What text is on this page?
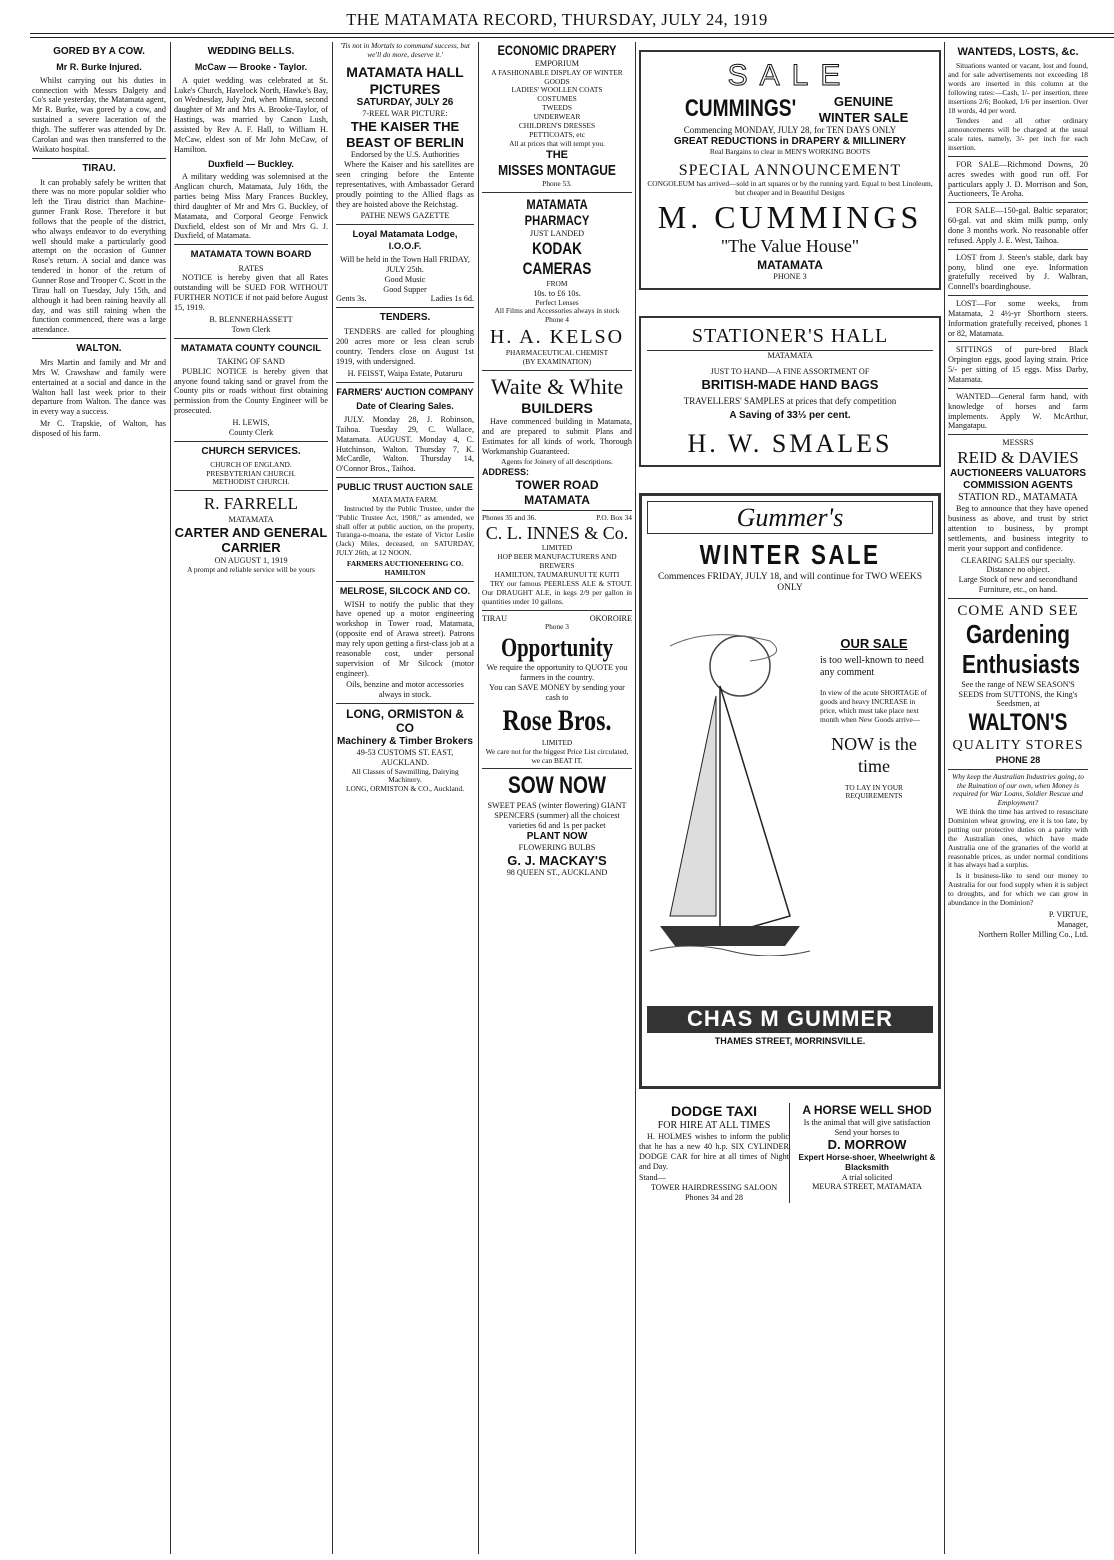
THE MATAMATA RECORD, THURSDAY, JULY 24, 1919
GORED BY A COW.
Mr R. Burke Injured.

Whilst carrying out his duties in connection with Messrs Dalgety and Co's sale yesterday, the Matamata agent, Mr R. Burke, was gored by a cow, and sustained a severe laceration of the thigh. The sufferer was attended by Dr. Carolan and was then transferred to the Waikato hospital.

TIRAU.

It can probably safely be written that there was no more popular soldier who left the Tirau district than Machine-gunner Frank Rose. Therefore it but follows that the people of the district, who always endeavor to do everything well should make a particularly good attempt on the occasion of Gunner Rose's return. A social and dance was tendered in honor of the return of Gunner Rose and Trooper C. Scott in the Tirau hall on Tuesday, July 15th, and although it had been raining heavily all day, and was still raining when the function commenced, there was a large attendance.

WALTON.

Mrs Martin and family and Mr and Mrs W. Crawshaw and family were entertained at a social and dance in the Walton hall last week prior to their departure from Walton. The dance was in every way a success.

Mr C. Trapskie, of Walton, has disposed of his farm.

WEDDING BELLS.
McCaw — Brooke - Taylor.

A quiet wedding was celebrated at St. Luke's Church, Havelock North, Hawke's Bay, on Wednesday, July 2nd, when Minna, second daughter of Mr and Mrs A. Brooke-Taylor, of Hastings, was married by Canon Lush, assisted by Rev A. F. Hall, to William H. McCaw, eldest son of Mr John McCaw, of Hamilton.

Duxfield — Buckley.

A military wedding was solemnised at the Anglican church, Matamata, July 16th, the parties being Miss Mary Frances Buckley, third daughter of Mr and Mrs G. Buckley, of Matamata, and Corporal George Fenwick Duxfield, eldest son of Mr and Mrs G. J. Duxfield, of Matamata.

MATAMATA TOWN BOARD
RATES

NOTICE is hereby given that all Rates outstanding will be SUED FOR WITHOUT FURTHER NOTICE if not paid before August 15, 1919.

B. BLENNERHASSETT
Town Clerk
MATAMATA COUNTY COUNCIL
TAKING OF SAND

PUBLIC NOTICE is hereby given that anyone found taking sand or gravel from the County pits or roads without first obtaining permission from the County Engineer will be prosecuted.

H. LEWIS,
County Clerk
CHURCH SERVICES.
CHURCH OF ENGLAND.
PRESBYTERIAN CHURCH.
METHODIST CHURCH.
R. FARRELL
MATAMATA
CARTER AND GENERAL CARRIER
ON AUGUST 1, 1919
A prompt and reliable service will be yours
'Tis not in Mortals to command success, but we'll do more, deserve it.'
MATAMATA HALL PICTURES
SATURDAY, JULY 26
7-REEL WAR PICTURE:
THE KAISER THE BEAST OF BERLIN
Endorsed by the U.S. Authorities

Where the Kaiser and his satellites are seen cringing before the Entente representatives, with Ambassador Gerard proudly pointing to the Allied flags as they are hoisted above the Reichstag.

PATHE NEWS GAZETTE
Loyal Matamata Lodge, I.O.O.F.
Will be held in the Town Hall FRIDAY, JULY 25th.
Good Music
Good Supper
Gents 3s.	Ladies 1s 6d.
TENDERS.

TENDERS are called for ploughing 200 acres more or less clean scrub country. Tenders close on August 1st 1919, with undersigned.

H. FEISST, Waipa Estate, Putaruru
FARMERS' AUCTION COMPANY
Date of Clearing Sales.

JULY. Monday 28, J. Robinson, Taihoa. Tuesday 29, C. Wallace, Matamata. AUGUST. Monday 4, C. Hutchinson, Walton. Thursday 7, K. McCardle, Walton. Thursday 14, O'Connor Bros., Taihoa.

PUBLIC TRUST AUCTION SALE
MATA MATA FARM.

Instructed by the Public Trustee, under the "Public Trustee Act, 1908," as amended, we shall offer at public auction, on the property, Turanga-o-moana, the estate of Victor Leslie (Jack) Miles, deceased, on SATURDAY, JULY 26th, at 12 NOON.

FARMERS AUCTIONEERING CO. HAMILTON
MELROSE, SILCOCK AND CO.

WISH to notify the public that they have opened up a motor engineering workshop in Tower road, Matamata, (opposite end of Arawa street). Patrons may rely upon getting a first-class job at a reasonable cost, under personal supervision of Mr Silcock (motor engineer).

Oils, benzine and motor accessories always in stock.
LONG, ORMISTON & CO
Machinery & Timber Brokers
49-53 CUSTOMS ST. EAST, AUCKLAND.
All Classes of Sawmilling, Dairying Machinery.
LONG, ORMISTON & CO., Auckland.
ECONOMIC DRAPERY
EMPORIUM
A FASHIONABLE DISPLAY OF WINTER GOODS
LADIES' WOOLLEN COATS
COSTUMES
TWEEDS
UNDERWEAR
CHILDREN'S DRESSES
PETTICOATS, etc
All at prices that will tempt you.
THE
MISSES MONTAGUE
Phone 53.
MATAMATA PHARMACY
JUST LANDED
KODAK CAMERAS
FROM
10s. to £6 10s.
Perfect Lenses
All Films and Accessories always in stock
Phone 4
H. A. KELSO
PHARMACEUTICAL CHEMIST
(BY EXAMINATION)
Waite & White
BUILDERS

Have commenced building in Matamata, and are prepared to submit Plans and Estimates for all kinds of work. Thorough Workmanship Guaranteed.

Agents for Joinery of all descriptions.
ADDRESS:
TOWER ROAD MATAMATA
Phones 35 and 36.	P.O. Box 34
C. L. INNES & Co.
LIMITED
HOP BEER MANUFACTURERS AND BREWERS
HAMILTON, TAUMARUNUI TE KUITI

TRY our famous PEERLESS ALE & STOUT. Our DRAUGHT ALE, in kegs 2/9 per gallon in quantities under 10 gallons.

TIRAU	OKOROIRE
Phone 3
Opportunity
We require the opportunity to QUOTE you farmers in the country.
You can SAVE MONEY by sending your cash to
Rose Bros.
LIMITED
We care not for the biggest Price List circulated, we can BEAT IT.
SOW NOW
SWEET PEAS (winter flowering) GIANT SPENCERS (summer) all the choicest varieties 6d and 1s per packet
PLANT NOW
FLOWERING BULBS
G. J. MACKAY'S
98 QUEEN ST., AUCKLAND
SALE
CUMMINGS'	GENUINE WINTER SALE
Commencing MONDAY, JULY 28, for TEN DAYS ONLY
GREAT REDUCTIONS in DRAPERY & MILLINERY
Real Bargains to clear in MEN'S WORKING BOOTS
SPECIAL ANNOUNCEMENT
CONGOLEUM has arrived—sold in art squares or by the running yard. Equal to best Linoleum, but cheaper and in Beautiful Designs
M. CUMMINGS
"The Value House"
MATAMATA
PHONE 3
STATIONER'S HALL
MATAMATA
JUST TO HAND—A FINE ASSORTMENT OF
BRITISH-MADE HAND BAGS
TRAVELLERS' SAMPLES at prices that defy competition
A Saving of 33⅓ per cent.
H. W. SMALES
Gummer's
WINTER SALE
Commences FRIDAY, JULY 18, and will continue for TWO WEEKS ONLY
OUR SALE
is too well-known to need any comment
In view of the acute SHORTAGE of goods and heavy INCREASE in price, which must take place next month when New Goods arrive—
NOW is the time
TO LAY IN YOUR REQUIREMENTS
CHAS M GUMMER
THAMES STREET, MORRINSVILLE.
DODGE TAXI
FOR HIRE AT ALL TIMES

H. HOLMES wishes to inform the public that he has a new 40 h.p. SIX CYLINDER DODGE CAR for hire at all times of Night and Day.

Stand—
TOWER HAIRDRESSING SALOON
Phones 34 and 28
A HORSE WELL SHOD
Is the animal that will give satisfaction
Send your horses to
D. MORROW
Expert Horse-shoer, Wheelwright & Blacksmith
A trial solicited
MEURA STREET, MATAMATA
WANTEDS, LOSTS, &c.

Situations wanted or vacant, lost and found, and for sale advertisements not exceeding 18 words are inserted in this column at the following rates:—Cash, 1/- per insertion, three insertions 2/6; Booked, 1/6 per insertion. Over 18 words, 4d per word.

Tenders and all other ordinary announcements will be charged at the usual scale rates, namely, 3/- per inch for each insertion.

FOR SALE—Richmond Downs, 20 acres swedes with good run off. For particulars apply J. D. Morrison and Son, Auctioneers, Te Aroha.

FOR SALE—150-gal. Baltic separator; 60-gal. vat and skim milk pump, only done 3 months work. No reasonable offer refused. Apply J. E. West, Taihoa.

LOST from J. Steen's stable, dark bay pony, blind one eye. Information gratefully received by J. Walbran, Connell's boardinghouse.

LOST—For some weeks, from Matamata, 2 4½-yr Shorthorn steers. Information gratefully received, phones 1 or 82, Matamata.

SITTINGS of pure-bred Black Orpington eggs, good laying strain. Price 5/- per sitting of 15 eggs. Miss Darby, Matamata.

WANTED—General farm hand, with knowledge of horses and farm implements. Apply W. McArthur, Mangatapu.

MESSRS
REID & DAVIES
AUCTIONEERS VALUATORS COMMISSION AGENTS
STATION RD., MATAMATA

Beg to announce that they have opened business as above, and trust by strict attention to business, by prompt settlements, and business integrity to merit your support and confidence.

CLEARING SALES our specialty. Distance no object.
Large Stock of new and secondhand Furniture, etc., on hand.
COME AND SEE
Gardening Enthusiasts
See the range of NEW SEASON'S SEEDS from SUTTONS, the King's Seedsmen, at
WALTON'S
QUALITY STORES
PHONE 28
Why keep the Australian Industries going, to the Ruination of our own, when Money is required for War Loans, Soldier Rescue and Employment?

WE think the time has arrived to resuscitate Dominion wheat growing, ere it is too late, by putting our protective duties on a parity with the Australian ones, which have made Australia one of the granaries of the world at reasonable prices, as under normal conditions it has always had a surplus.

Is it business-like to send our money to Australia for our food supply when it is subject to droughts, and for which we can grow in abundance in the Dominion?

P. VIRTUE,
Manager,
Northern Roller Milling Co., Ltd.
